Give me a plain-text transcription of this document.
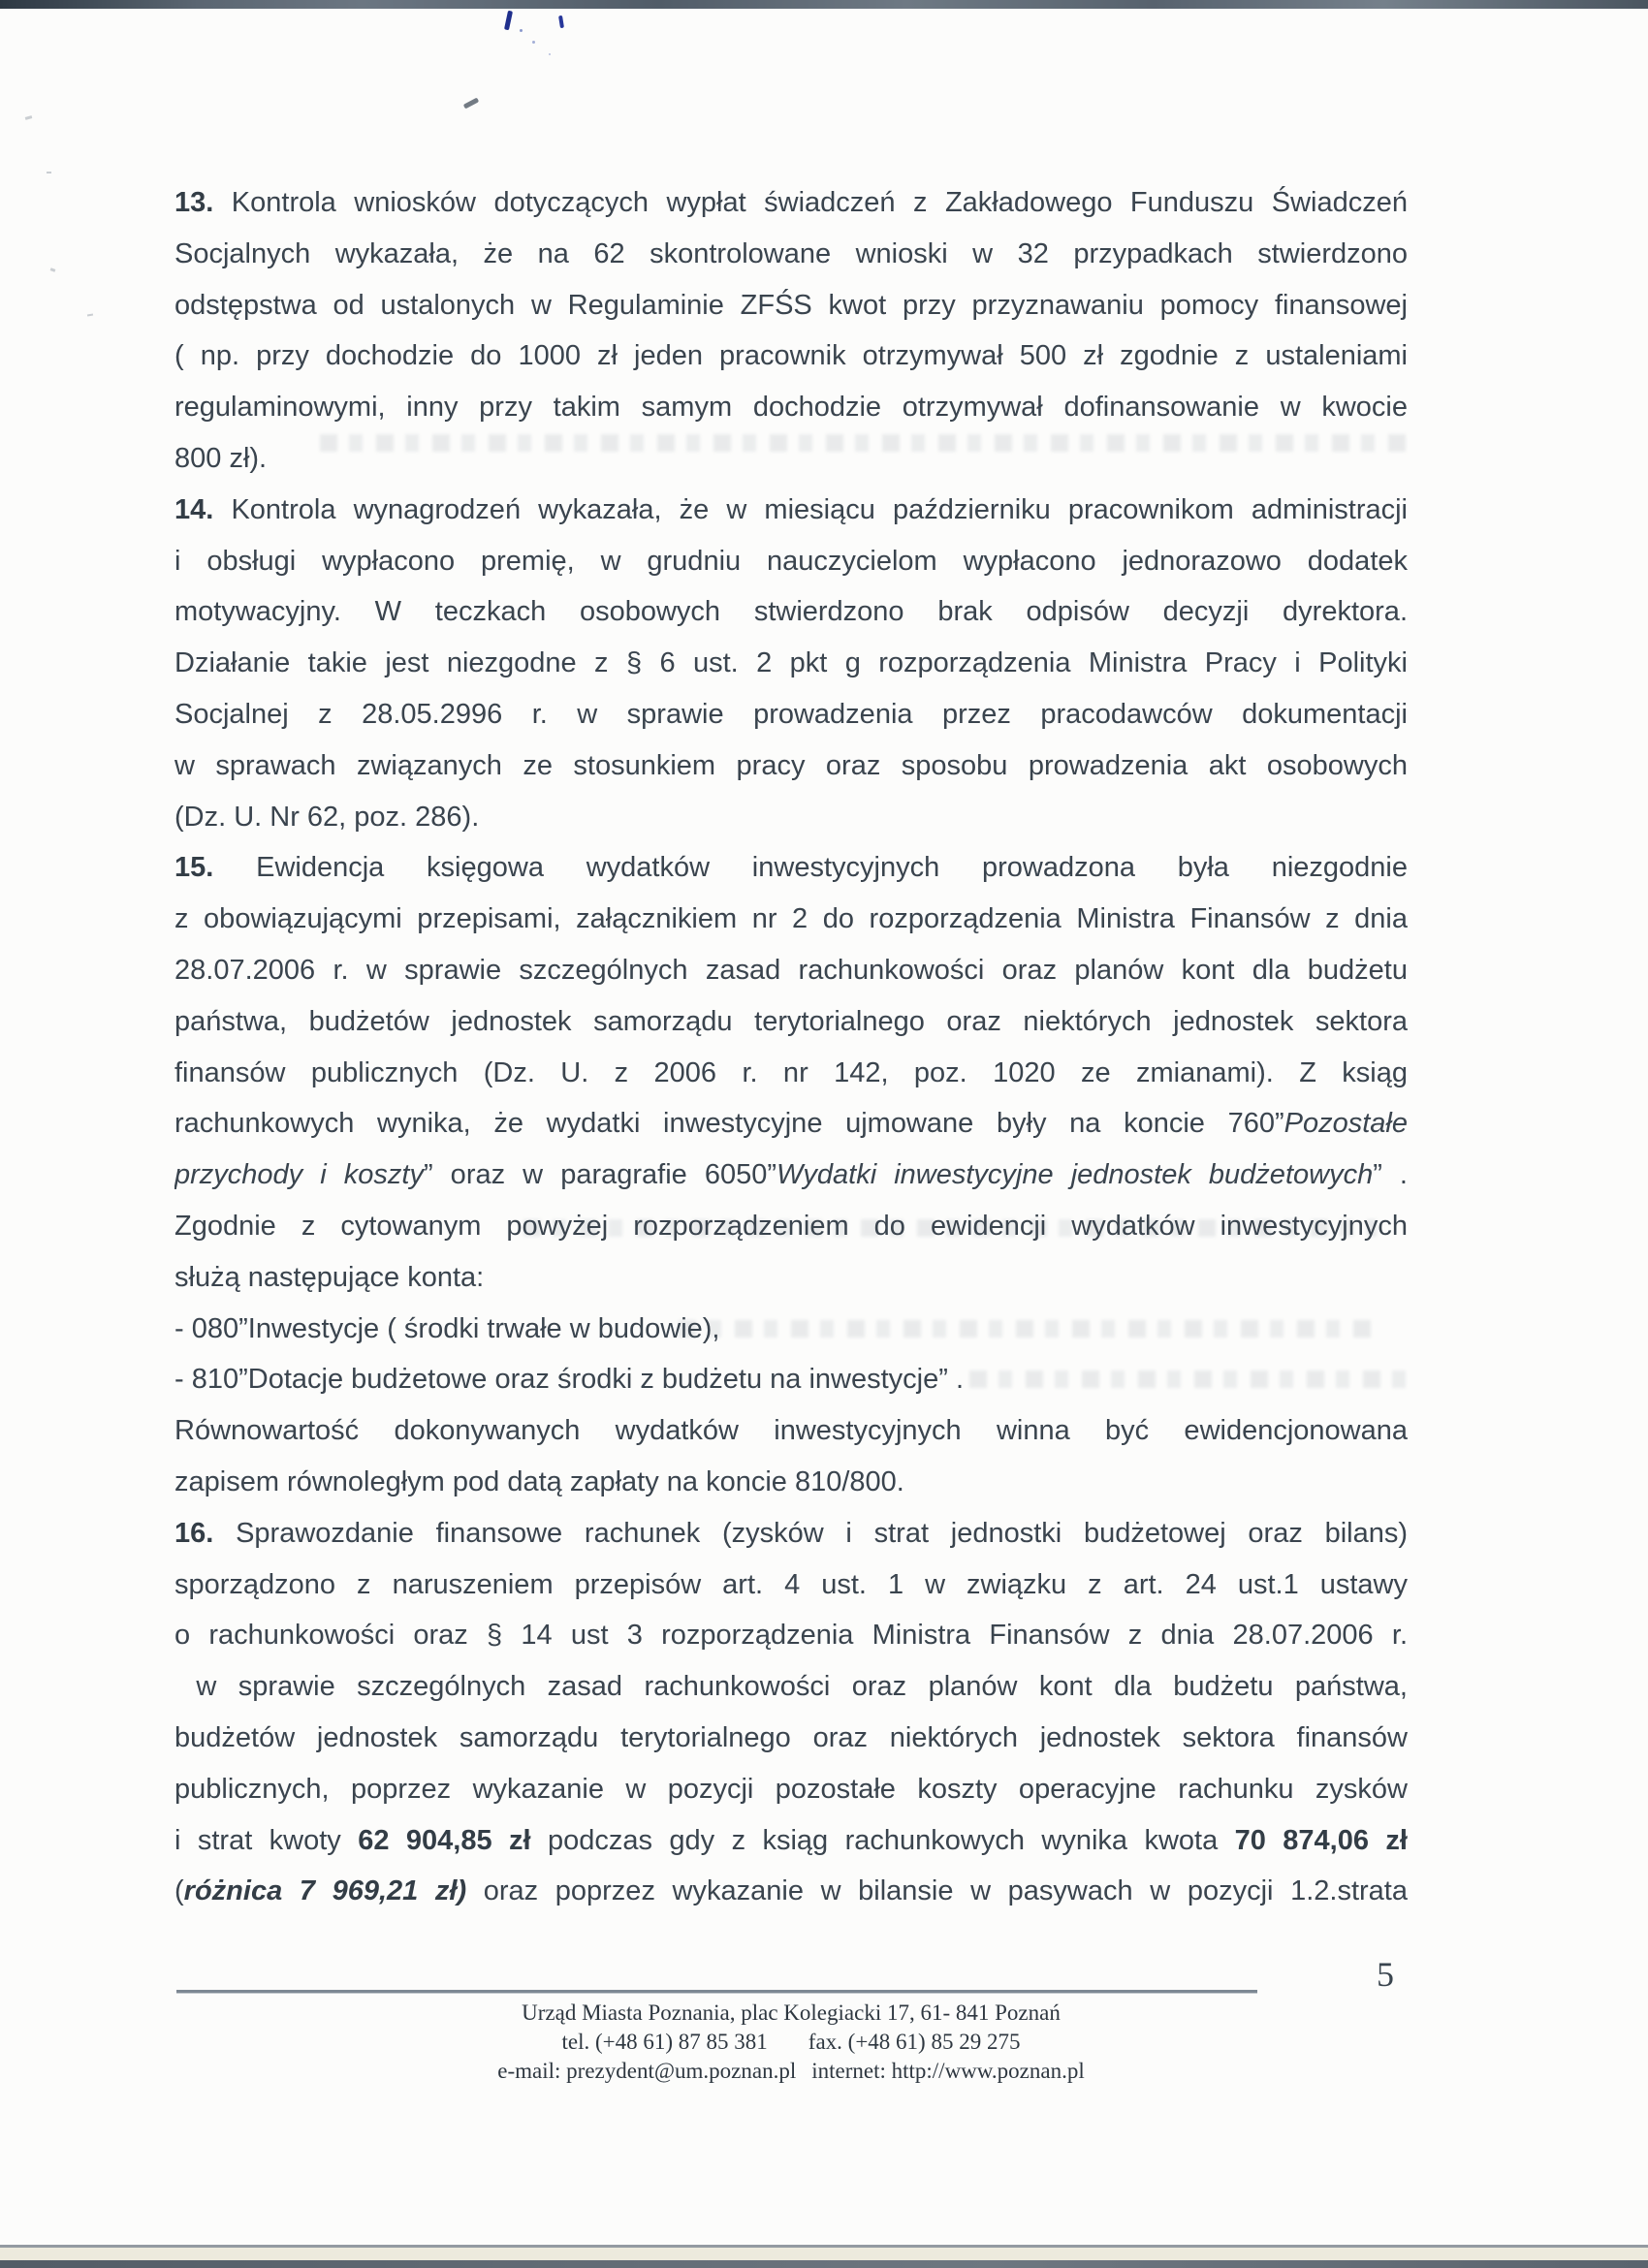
13. Kontrola wniosków dotyczących wypłat świadczeń z Zakładowego Funduszu Świadczeń
Socjalnych wykazała, że na 62 skontrolowane wnioski w 32 przypadkach stwierdzono
odstępstwa od ustalonych w Regulaminie ZFŚS kwot przy przyznawaniu pomocy finansowej
( np. przy dochodzie do 1000 zł jeden pracownik otrzymywał 500 zł zgodnie z ustaleniami
regulaminowymi, inny przy takim samym dochodzie otrzymywał dofinansowanie w kwocie
800 zł).
14. Kontrola wynagrodzeń wykazała, że w miesiącu październiku pracownikom administracji
i obsługi wypłacono premię, w grudniu nauczycielom wypłacono jednorazowo dodatek
motywacyjny. W teczkach osobowych stwierdzono brak odpisów decyzji dyrektora.
Działanie takie jest niezgodne z § 6 ust. 2 pkt g rozporządzenia Ministra Pracy i Polityki
Socjalnej z 28.05.2996 r. w sprawie prowadzenia przez pracodawców dokumentacji
w sprawach związanych ze stosunkiem pracy oraz sposobu prowadzenia akt osobowych
(Dz. U. Nr 62, poz. 286).
15. Ewidencja księgowa wydatków inwestycyjnych prowadzona była niezgodnie
z obowiązującymi przepisami, załącznikiem nr 2 do rozporządzenia Ministra Finansów z dnia
28.07.2006 r. w sprawie szczególnych zasad rachunkowości oraz planów kont dla budżetu
państwa, budżetów jednostek samorządu terytorialnego oraz niektórych jednostek sektora
finansów publicznych (Dz. U. z 2006 r. nr 142, poz. 1020 ze zmianami). Z ksiąg
rachunkowych wynika, że wydatki inwestycyjne ujmowane były na koncie 760”Pozostałe
przychody i koszty” oraz w paragrafie 6050”Wydatki inwestycyjne jednostek budżetowych” .
Zgodnie z cytowanym powyżej rozporządzeniem do ewidencji wydatków inwestycyjnych
służą następujące konta:
- 080”Inwestycje ( środki trwałe w budowie),
- 810”Dotacje budżetowe oraz środki z budżetu na inwestycje” .
Równowartość dokonywanych wydatków inwestycyjnych winna być ewidencjonowana
zapisem równoległym pod datą zapłaty na koncie 810/800.
16. Sprawozdanie finansowe rachunek (zysków i strat jednostki budżetowej oraz bilans)
sporządzono z naruszeniem przepisów art. 4 ust. 1 w związku z art. 24 ust.1 ustawy
o rachunkowości oraz § 14 ust 3 rozporządzenia Ministra Finansów z dnia 28.07.2006 r.
w sprawie szczególnych zasad rachunkowości oraz planów kont dla budżetu państwa,
budżetów jednostek samorządu terytorialnego oraz niektórych jednostek sektora finansów
publicznych, poprzez wykazanie w pozycji pozostałe koszty operacyjne rachunku zysków
i strat kwoty 62 904,85 zł podczas gdy z ksiąg rachunkowych wynika kwota 70 874,06 zł
(różnica 7 969,21 zł) oraz poprzez wykazanie w bilansie w pasywach w pozycji 1.2.strata
5
Urząd Miasta Poznania, plac Kolegiacki 17, 61- 841 Poznań
tel. (+48 61) 87 85 381 fax. (+48 61) 85 29 275
e-mail: prezydent@um.poznan.pl internet: http://www.poznan.pl
